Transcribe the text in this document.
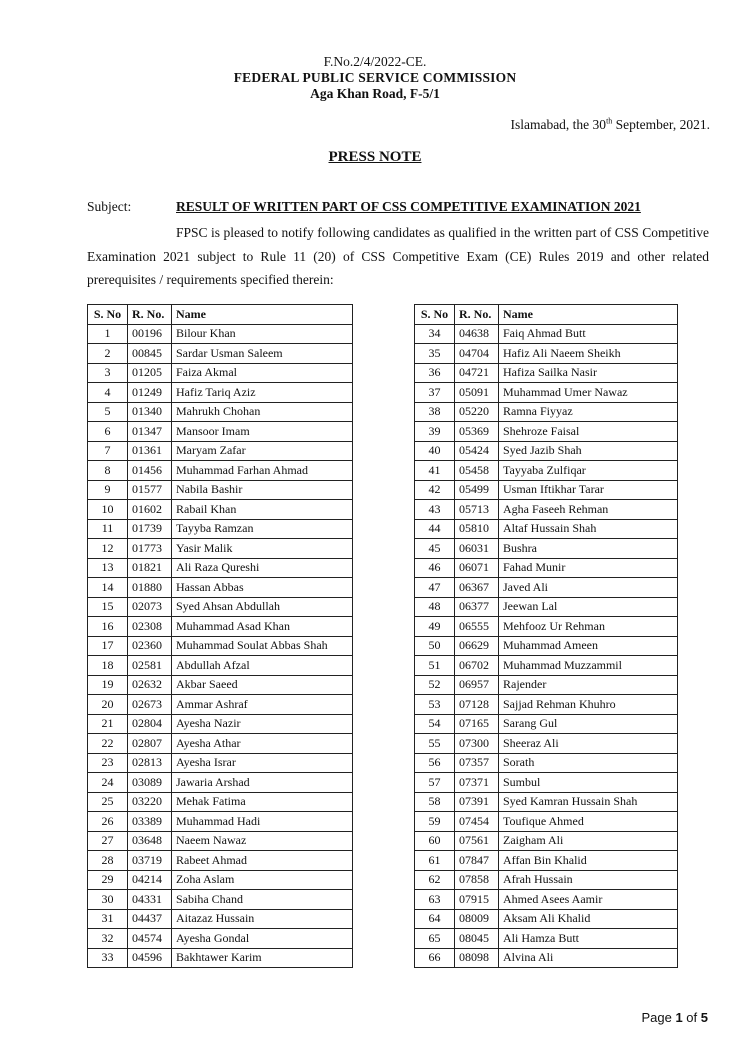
F.No.2/4/2022-CE.
FEDERAL PUBLIC SERVICE COMMISSION
Aga Khan Road, F-5/1
Islamabad, the 30th September, 2021.
PRESS NOTE
Subject:	RESULT OF WRITTEN PART OF CSS COMPETITIVE EXAMINATION 2021
FPSC is pleased to notify following candidates as qualified in the written part of CSS Competitive Examination 2021 subject to Rule 11 (20) of CSS Competitive Exam (CE) Rules 2019 and other related prerequisites / requirements specified therein:
S. No	R. No.	Name
1	00196	Bilour Khan
2	00845	Sardar Usman Saleem
3	01205	Faiza Akmal
4	01249	Hafiz Tariq Aziz
5	01340	Mahrukh Chohan
6	01347	Mansoor Imam
7	01361	Maryam Zafar
8	01456	Muhammad Farhan Ahmad
9	01577	Nabila Bashir
10	01602	Rabail Khan
11	01739	Tayyba Ramzan
12	01773	Yasir Malik
13	01821	Ali Raza Qureshi
14	01880	Hassan Abbas
15	02073	Syed Ahsan Abdullah
16	02308	Muhammad Asad Khan
17	02360	Muhammad Soulat Abbas Shah
18	02581	Abdullah Afzal
19	02632	Akbar Saeed
20	02673	Ammar Ashraf
21	02804	Ayesha Nazir
22	02807	Ayesha Athar
23	02813	Ayesha Israr
24	03089	Jawaria Arshad
25	03220	Mehak Fatima
26	03389	Muhammad Hadi
27	03648	Naeem Nawaz
28	03719	Rabeet Ahmad
29	04214	Zoha Aslam
30	04331	Sabiha Chand
31	04437	Aitazaz Hussain
32	04574	Ayesha Gondal
33	04596	Bakhtawer Karim
S. No	R. No.	Name
34	04638	Faiq Ahmad Butt
35	04704	Hafiz Ali Naeem Sheikh
36	04721	Hafiza Sailka Nasir
37	05091	Muhammad Umer Nawaz
38	05220	Ramna Fiyyaz
39	05369	Shehroze Faisal
40	05424	Syed Jazib Shah
41	05458	Tayyaba Zulfiqar
42	05499	Usman Iftikhar Tarar
43	05713	Agha Faseeh Rehman
44	05810	Altaf Hussain Shah
45	06031	Bushra
46	06071	Fahad Munir
47	06367	Javed Ali
48	06377	Jeewan Lal
49	06555	Mehfooz Ur Rehman
50	06629	Muhammad Ameen
51	06702	Muhammad Muzzammil
52	06957	Rajender
53	07128	Sajjad Rehman Khuhro
54	07165	Sarang Gul
55	07300	Sheeraz Ali
56	07357	Sorath
57	07371	Sumbul
58	07391	Syed Kamran Hussain Shah
59	07454	Toufique Ahmed
60	07561	Zaigham Ali
61	07847	Affan Bin Khalid
62	07858	Afrah Hussain
63	07915	Ahmed Asees Aamir
64	08009	Aksam Ali Khalid
65	08045	Ali Hamza Butt
66	08098	Alvina Ali
Page 1 of 5
